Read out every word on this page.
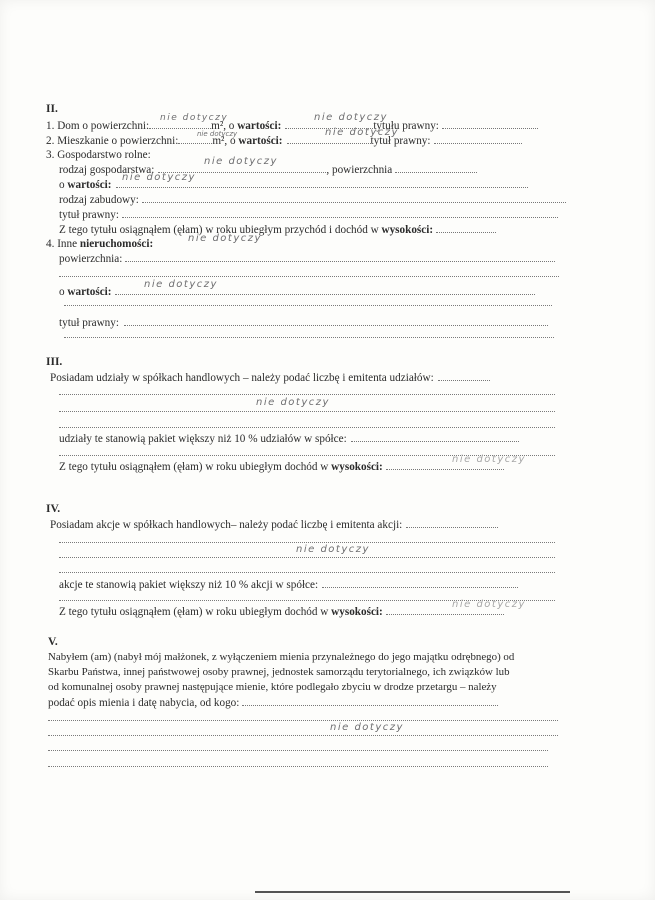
II.
1. Dom o powierzchni:	m², o wartości:	tytułu prawny:
nie dotyczy	nie dotyczy
2. Mieszkanie o powierzchni:	m², o wartości:	tytuł prawny:
nie dotyczy	nie dotyczy
3. Gospodarstwo rolne:
rodzaj gospodarstwa:	, powierzchnia
nie dotyczy
o wartości:
nie dotyczy
rodzaj zabudowy:
tytuł prawny:
Z tego tytułu osiągnąłem (ęłam) w roku ubiegłym przychód i dochód w wysokości:
4. Inne nieruchomości:	nie dotyczy
powierzchnia:
o wartości:
nie dotyczy
tytuł prawny:
III.
Posiadam udziały w spółkach handlowych – należy podać liczbę i emitenta udziałów:
nie dotyczy
udziały te stanowią pakiet większy niż 10 % udziałów w spółce:
Z tego tytułu osiągnąłem (ęłam) w roku ubiegłym dochód w wysokości:
nie dotyczy
IV.
Posiadam akcje w spółkach handlowych– należy podać liczbę i emitenta akcji:
nie dotyczy
akcje te stanowią pakiet większy niż 10 % akcji w spółce:
Z tego tytułu osiągnąłem (ęłam) w roku ubiegłym dochód w wysokości:
nie dotyczy
V.
Nabyłem (am) (nabył mój małżonek, z wyłączeniem mienia przynależnego do jego majątku odrębnego) od
Skarbu Państwa, innej państwowej osoby prawnej, jednostek samorządu terytorialnego, ich związków lub
od komunalnej osoby prawnej następujące mienie, które podlegało zbyciu w drodze przetargu – należy
podać opis mienia i datę nabycia, od kogo:
nie dotyczy
